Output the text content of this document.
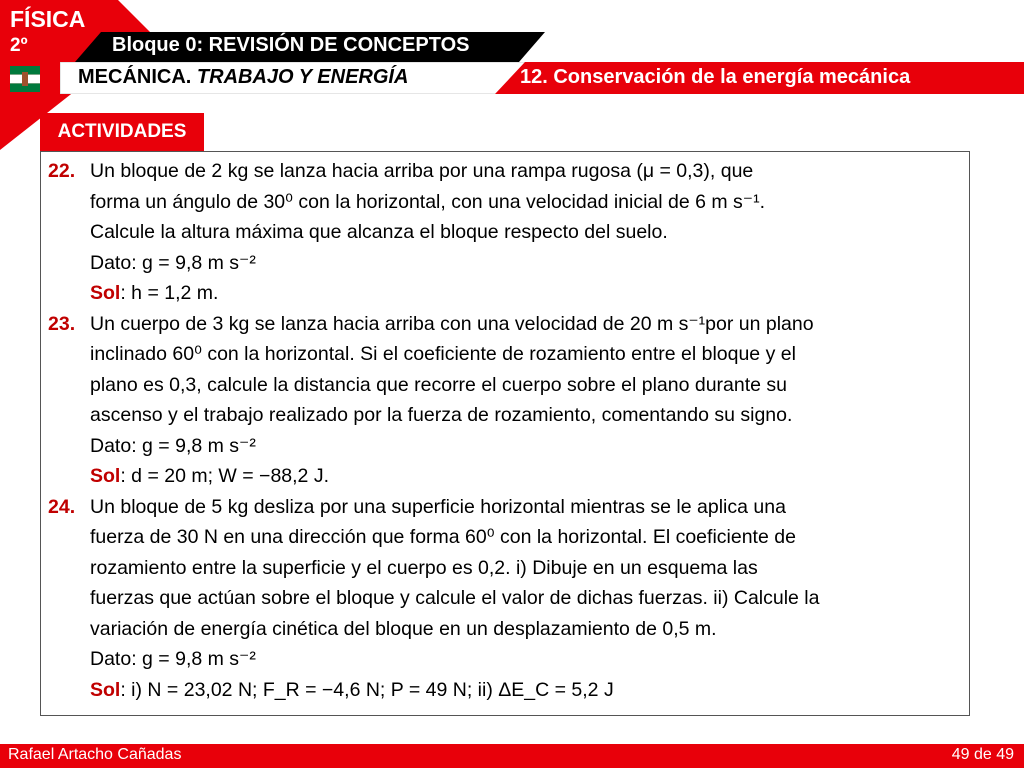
FÍSICA
2º	Bloque 0: REVISIÓN DE CONCEPTOS
MECÁNICA. TRABAJO Y ENERGÍA	12. Conservación de la energía mecánica
ACTIVIDADES
22. Un bloque de 2 kg se lanza hacia arriba por una rampa rugosa (μ = 0,3), que
forma un ángulo de 30⁰ con la horizontal, con una velocidad inicial de 6 m s⁻¹.
Calcule la altura máxima que alcanza el bloque respecto del suelo.
Dato: g = 9,8 m s⁻²
Sol: h = 1,2 m.
23. Un cuerpo de 3 kg se lanza hacia arriba con una velocidad de 20 m s⁻¹por un plano
inclinado 60⁰ con la horizontal. Si el coeficiente de rozamiento entre el bloque y el
plano es 0,3, calcule la distancia que recorre el cuerpo sobre el plano durante su
ascenso y el trabajo realizado por la fuerza de rozamiento, comentando su signo.
Dato: g = 9,8 m s⁻²
Sol: d = 20 m; W = −88,2 J.
24. Un bloque de 5 kg desliza por una superficie horizontal mientras se le aplica una
fuerza de 30 N en una dirección que forma 60⁰ con la horizontal. El coeficiente de
rozamiento entre la superficie y el cuerpo es 0,2. i) Dibuje en un esquema las
fuerzas que actúan sobre el bloque y calcule el valor de dichas fuerzas. ii) Calcule la
variación de energía cinética del bloque en un desplazamiento de 0,5 m.
Dato: g = 9,8 m s⁻²
Sol: i) N = 23,02 N; F_R = −4,6 N; P = 49 N; ii) ΔE_C = 5,2 J
Rafael Artacho Cañadas	49 de 49
